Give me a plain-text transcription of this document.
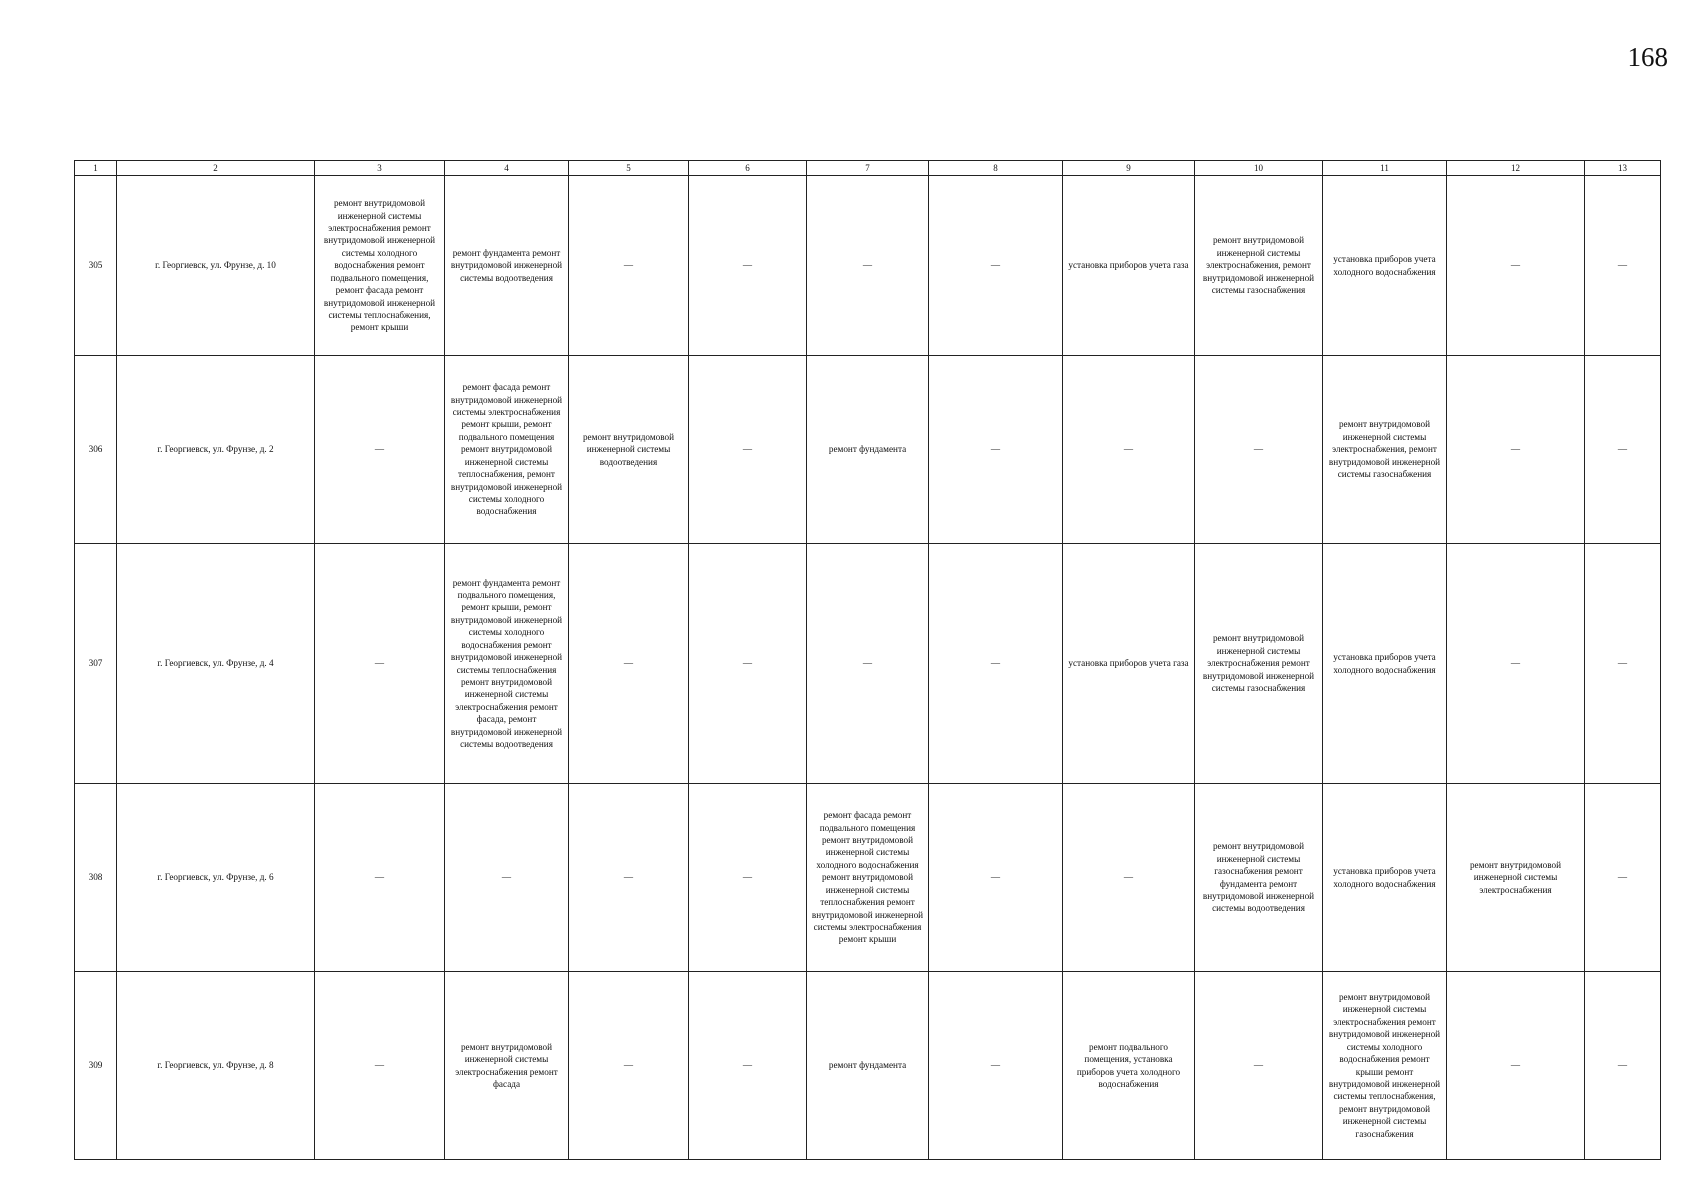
168
1	2	3	4	5	6	7	8	9	10	11	12	13
305	г. Георгиевск, ул. Фрунзе, д. 10	ремонт внутридомовой инженерной системы электроснабжения ремонт внутридомовой инженерной системы холодного водоснабжения ремонт подвального помещения, ремонт фасада ремонт внутридомовой инженерной системы теплоснабжения, ремонт крыши	ремонт фундамента ремонт внутридомовой инженерной системы водоотведения	—	—	—	—	установка приборов учета газа	ремонт внутридомовой инженерной системы электроснабжения, ремонт внутридомовой инженерной системы газоснабжения	установка приборов учета холодного водоснабжения	—	—
306	г. Георгиевск, ул. Фрунзе, д. 2	—	ремонт фасада ремонт внутридомовой инженерной системы электроснабжения ремонт крыши, ремонт подвального помещения ремонт внутридомовой инженерной системы теплоснабжения, ремонт внутридомовой инженерной системы холодного водоснабжения	ремонт внутридомовой инженерной системы водоотведения	—	ремонт фундамента	—	—	—	ремонт внутридомовой инженерной системы электроснабжения, ремонт внутридомовой инженерной системы газоснабжения	—	—
307	г. Георгиевск, ул. Фрунзе, д. 4	—	ремонт фундамента ремонт подвального помещения, ремонт крыши, ремонт внутридомовой инженерной системы холодного водоснабжения ремонт внутридомовой инженерной системы теплоснабжения ремонт внутридомовой инженерной системы электроснабжения ремонт фасада, ремонт внутридомовой инженерной системы водоотведения	—	—	—	—	установка приборов учета газа	ремонт внутридомовой инженерной системы электроснабжения ремонт внутридомовой инженерной системы газоснабжения	установка приборов учета холодного водоснабжения	—	—
308	г. Георгиевск, ул. Фрунзе, д. 6	—	—	—	—	ремонт фасада ремонт подвального помещения ремонт внутридомовой инженерной системы холодного водоснабжения ремонт внутридомовой инженерной системы теплоснабжения ремонт внутридомовой инженерной системы электроснабжения ремонт крыши	—	—	ремонт внутридомовой инженерной системы газоснабжения ремонт фундамента ремонт внутридомовой инженерной системы водоотведения	установка приборов учета холодного водоснабжения	ремонт внутридомовой инженерной системы электроснабжения	—
309	г. Георгиевск, ул. Фрунзе, д. 8	—	ремонт внутридомовой инженерной системы электроснабжения ремонт фасада	—	—	ремонт фундамента	—	ремонт подвального помещения, установка приборов учета холодного водоснабжения	—	ремонт внутридомовой инженерной системы электроснабжения ремонт внутридомовой инженерной системы холодного водоснабжения ремонт крыши ремонт внутридомовой инженерной системы теплоснабжения, ремонт внутридомовой инженерной системы газоснабжения	—	—
